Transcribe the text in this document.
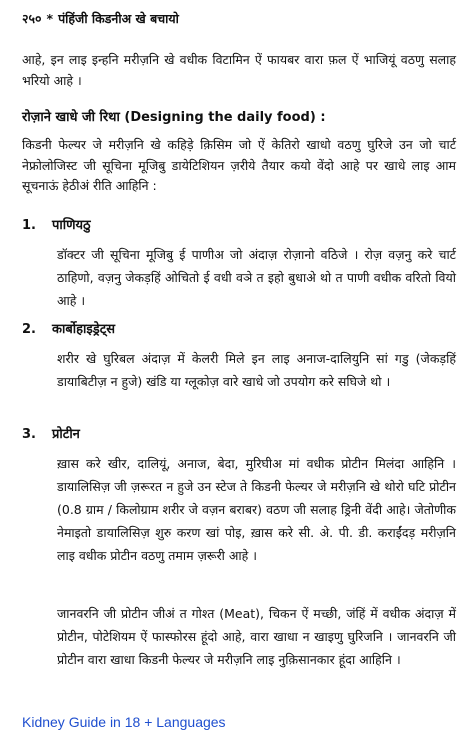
२५० * पंहिंजी किडनीअ खे बचायो

आहे, इन लाइ इन्हनि मरीज़नि खे वधीक विटामिन ऐं फायबर वारा फ़ल ऐं भाजियूं वठणु सलाह भरियो आहे ।

रोज़ाने खाधे जी रिथा (Designing the daily food) :

किडनी फेल्यर जे मरीज़नि खे कहिड़े क़िसिम जो ऐं केतिरो खाधो वठणु घुरिजे उन जो चार्ट नेफ्रोलोजिस्ट जी सूचिना मूजिबु डायेटिशियन ज़रीये तैयार कयो वेंदो आहे पर खाधे लाइ आम सूचनाऊं हेठीअं रीति आहिनि :

1. पाणियठु

डॉक्टर जी सूचिना मूजिबु ई पाणीअ जो अंदाज़ रोज़ानो वठिजे । रोज़ वज़नु करे चार्ट ठाहिणो, वज़नु जेकड़हिं ओचितो ई वधी वञे त इहो बुधाअे थो त पाणी वधीक वरितो वियो आहे ।

2. कार्बोहाइड्रेट्स

शरीर खे घुरिबल अंदाज़ में केलरी मिले इन लाइ अनाज-दालियुनि सां गडु (जेकड़हिं डायाबिटीज़ न हुजे) खंडि या ग्लूकोज़ वारे खाधे जो उपयोग करे सघिजे थो ।

3. प्रोटीन

ख़ास करे खीर, दालियूं, अनाज, बेदा, मुरिघीअ मां वधीक प्रोटीन मिलंदा आहिनि । डायालिसिज़ जी ज़रूरत न हुजे उन स्टेज ते किडनी फेल्यर जे मरीज़नि खे थोरो घटि प्रोटीन (0.8 ग्राम / किलोग्राम शरीर जे वज़न बराबर) वठण जी सलाह ड्रिनी वेंदी आहे। जेतोणीक नेमाइतो डायालिसिज़ शुरु करण खां पोइ, ख़ास करे सी. अे. पी. डी. कराईंदड़ मरीज़नि लाइ वधीक प्रोटीन वठणु तमाम ज़रूरी आहे ।

जानवरनि जी प्रोटीन जीअं त गोश्त (Meat), चिकन ऐं मच्छी, जंहिं में वधीक अंदाज़ में प्रोटीन, पोटेशियम ऐं फास्फोरस हूंदो आहे, वारा खाधा न खाइणु घुरिजनि । जानवरनि जी प्रोटीन वारा खाधा किडनी फेल्यर जे मरीज़नि लाइ नुक़िसानकार हूंदा आहिनि ।

Kidney Guide in 18 + Languages
